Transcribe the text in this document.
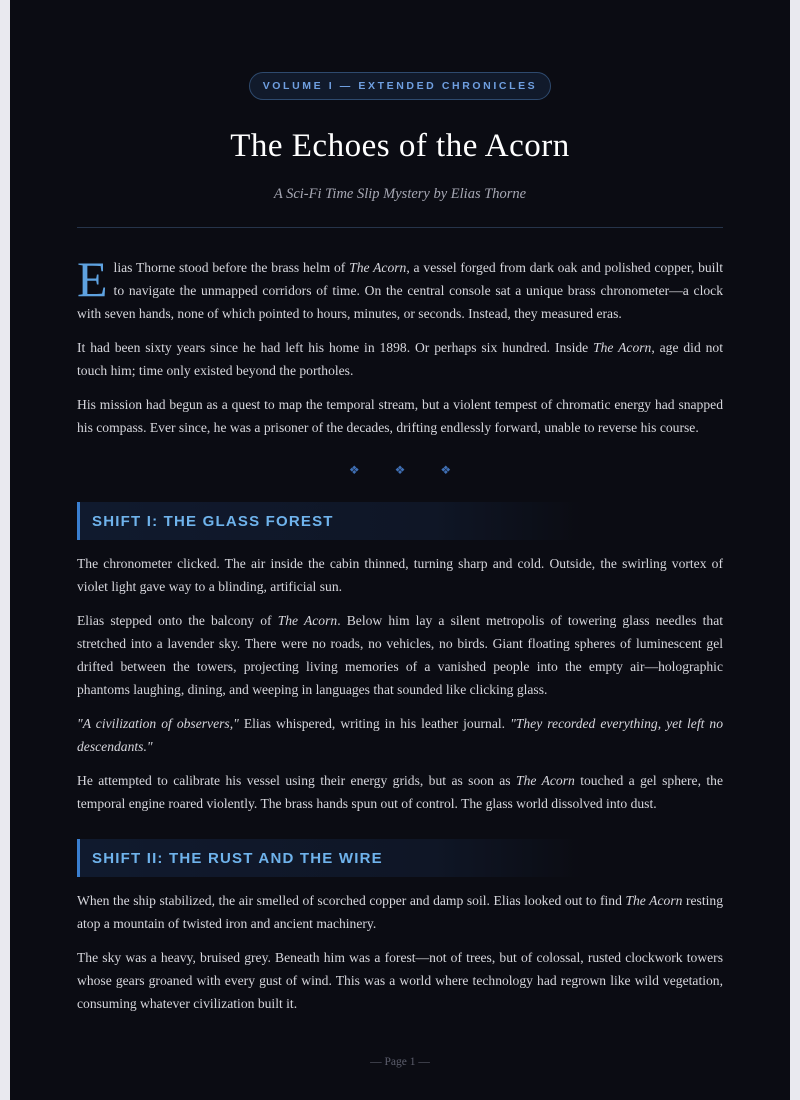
VOLUME I — EXTENDED CHRONICLES
The Echoes of the Acorn
A Sci-Fi Time Slip Mystery by Elias Thorne

Elias Thorne stood before the brass helm of The Acorn, a vessel forged from dark oak and polished copper, built to navigate the unmapped corridors of time. On the central console sat a unique brass chronometer—a clock with seven hands, none of which pointed to hours, minutes, or seconds. Instead, they measured eras.

It had been sixty years since he had left his home in 1898. Or perhaps six hundred. Inside The Acorn, age did not touch him; time only existed beyond the portholes.

His mission had begun as a quest to map the temporal stream, but a violent tempest of chromatic energy had snapped his compass. Ever since, he was a prisoner of the decades, drifting endlessly forward, unable to reverse his course.

❖ ❖ ❖
SHIFT I: THE GLASS FOREST

The chronometer clicked. The air inside the cabin thinned, turning sharp and cold. Outside, the swirling vortex of violet light gave way to a blinding, artificial sun.

Elias stepped onto the balcony of The Acorn. Below him lay a silent metropolis of towering glass needles that stretched into a lavender sky. There were no roads, no vehicles, no birds. Giant floating spheres of luminescent gel drifted between the towers, projecting living memories of a vanished people into the empty air—holographic phantoms laughing, dining, and weeping in languages that sounded like clicking glass.

"A civilization of observers," Elias whispered, writing in his leather journal. "They recorded everything, yet left no descendants."

He attempted to calibrate his vessel using their energy grids, but as soon as The Acorn touched a gel sphere, the temporal engine roared violently. The brass hands spun out of control. The glass world dissolved into dust.

SHIFT II: THE RUST AND THE WIRE

When the ship stabilized, the air smelled of scorched copper and damp soil. Elias looked out to find The Acorn resting atop a mountain of twisted iron and ancient machinery.

The sky was a heavy, bruised grey. Beneath him was a forest—not of trees, but of colossal, rusted clockwork towers whose gears groaned with every gust of wind. This was a world where technology had regrown like wild vegetation, consuming whatever civilization built it.

— Page 1 —
